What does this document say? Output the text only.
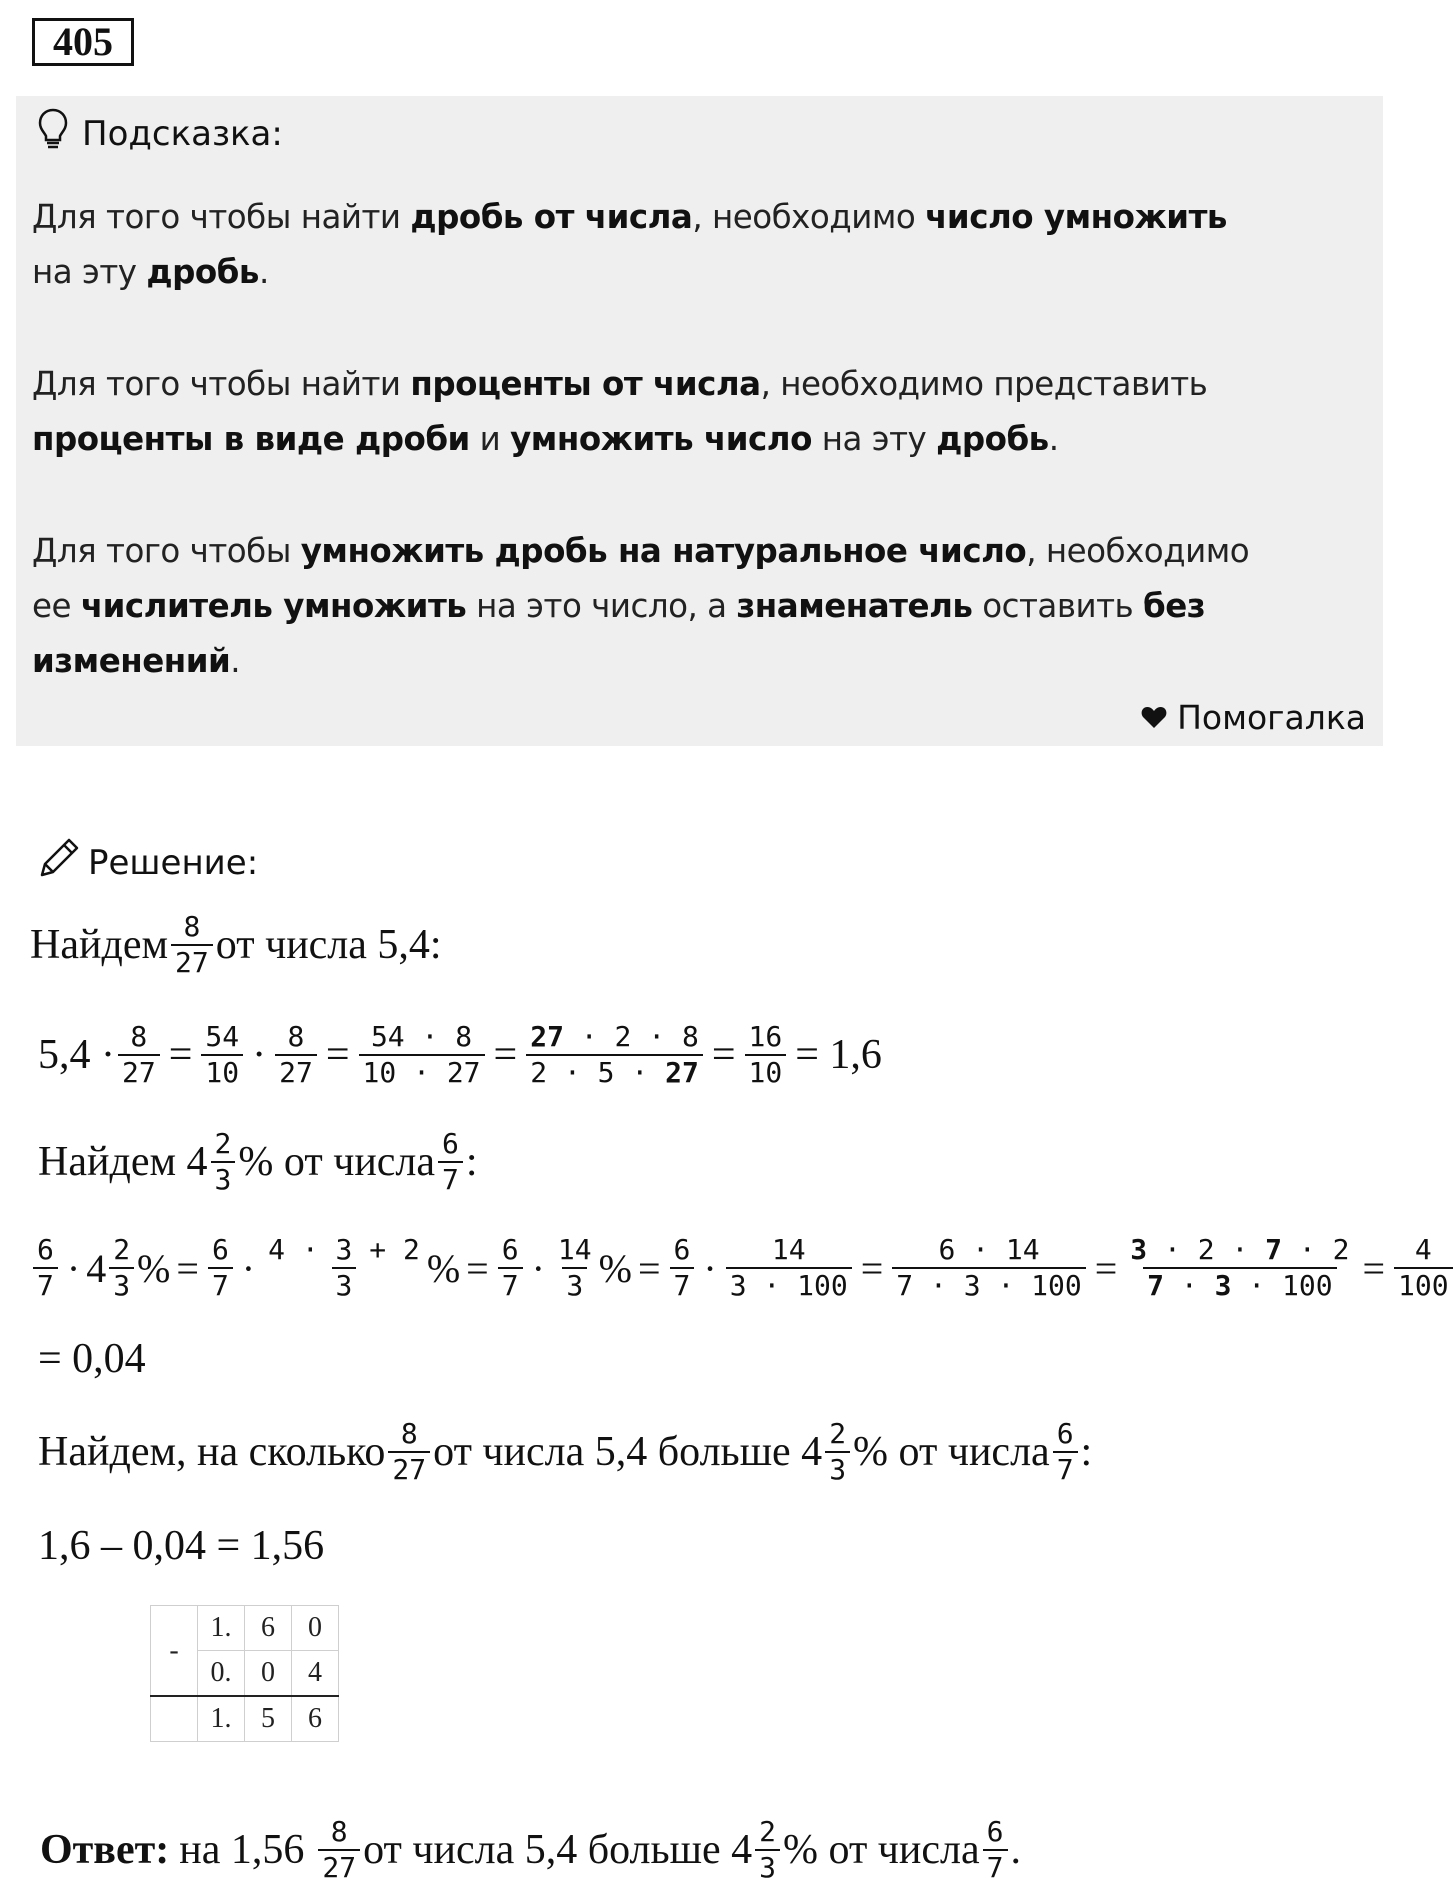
405
Подсказка:
Для того чтобы найти дробь от числа, необходимо число умножить
на эту дробь.
Для того чтобы найти проценты от числа, необходимо представить
проценты в виде дроби и умножить число на эту дробь.
Для того чтобы умножить дробь на натуральное число, необходимо
ее числитель умножить на это число, а знаменатель оставить без
изменений.
Помогалка
Решение:
Найдем $\frac{8}{27}$ от числа 5,4:
$5,4 \cdot \frac{8}{27} = \frac{54}{10} \cdot \frac{8}{27} = \frac{54 \cdot 8}{10 \cdot 27} = \frac{27 \cdot 2 \cdot 8}{2 \cdot 5 \cdot 27} = \frac{16}{10} = 1,6$
Найдем $4 \frac{2}{3}$ % от числа $\frac{6}{7}$ :
$\frac{6}{7} \cdot 4 \frac{2}{3}$ % = $\frac{6}{7} \cdot \frac{4 \cdot 3 + 2}{3}$ % = $\frac{6}{7} \cdot \frac{14}{3}$ % = $\frac{6}{7} \cdot \frac{14}{3 \cdot 100} = \frac{6 \cdot 14}{7 \cdot 3 \cdot 100} = \frac{3 \cdot 2 \cdot 7 \cdot 2}{7 \cdot 3 \cdot 100} = \frac{4}{100}$
= 0,04
Найдем, на сколько $\frac{8}{27}$ от числа 5,4 больше $4 \frac{2}{3}$ % от числа $\frac{6}{7}$ :
1,6 – 0,04 = 1,56
-	1.	6	0
	0.	0	4
	1.	5	6
Ответ: на $1,56 \frac{8}{27}$ от числа 5,4 больше $4 \frac{2}{3}$ % от числа $\frac{6}{7}$ .
